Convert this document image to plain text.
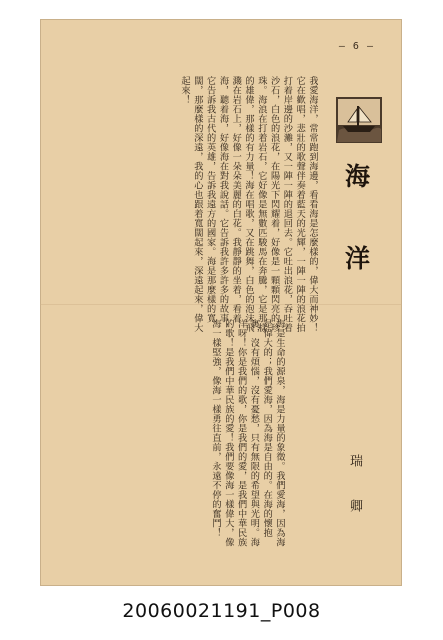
— 6 —
海
洋
瑞 卿

我愛海洋，常常跑到海邊，看看海是怎麼樣的，偉大而神妙！它在歡唱，悲壯的歌聲伴奏着藍天的光輝，一陣一陣的浪花拍打着岸邊的沙灘，又一陣一陣的退回去。它吐出浪花，吞吐着沙石，白色的浪花，在陽光下閃耀着，好像是一顆顆閃亮的珍珠。海浪在打着岩石，它好像是無數匹駿馬在奔騰，它是那樣的雄偉，那樣的有力量！海在唱歌，又在跳舞，白色的泡沫飛濺在岩石上，好像一朵朵美麗的白花。我靜靜的坐着，看着海，聽着海，好像海在對我說話。它告訴我許多許多的故事，它告訴我古代的英雄，告訴我遠方的國家。海是那麼樣的寬闊，那麼樣的深遠，我的心也跟着寬闊起來，深遠起來，偉大起來！

海是生命的源泉，海是力量的象徵。我們愛海，因為海是偉大的；我們愛海，因為海是自由的。在海的懷抱裏，沒有煩惱，沒有憂愁，只有無限的希望與光明。海洋呀！你是我們的歌，你是我們的愛，是我們中華民族的歌！是我們中華民族的愛！我們要像海一樣偉大，像海一樣堅強，像海一樣勇往直前，永遠不停的奮鬥！

20060021191_P008
